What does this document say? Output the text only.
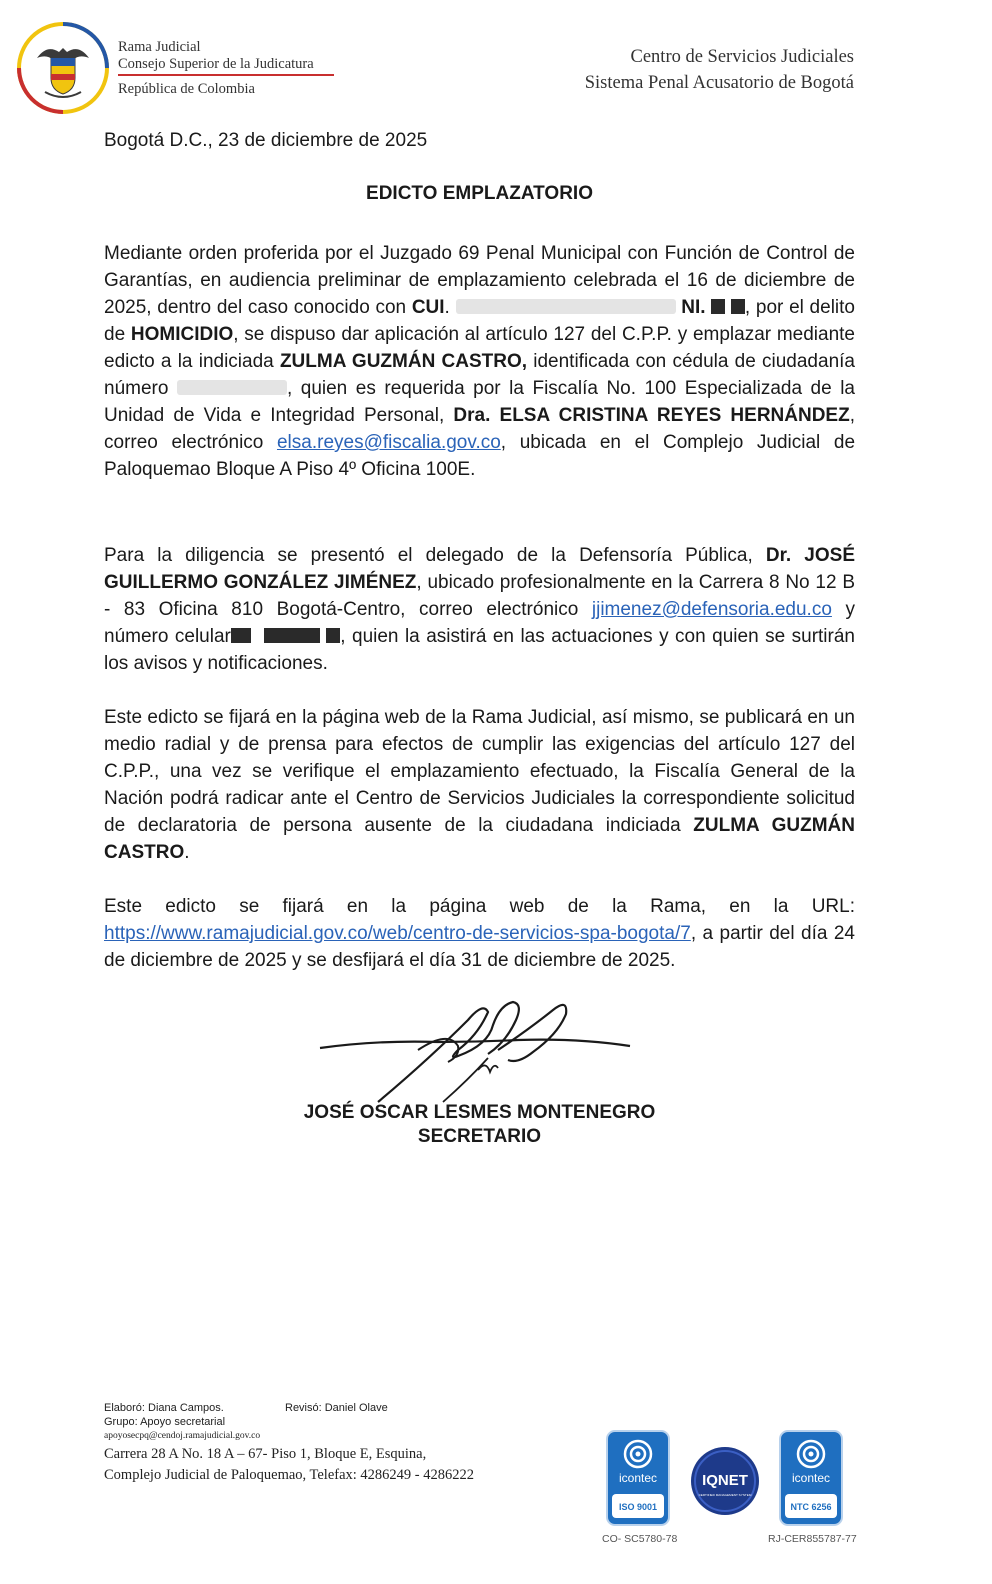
Rama Judicial
Consejo Superior de la Judicatura
República de Colombia
Centro de Servicios Judiciales
Sistema Penal Acusatorio de Bogotá
Bogotá D.C., 23 de diciembre de 2025
EDICTO EMPLAZATORIO

Mediante orden proferida por el Juzgado 69 Penal Municipal con Función de Control de Garantías, en audiencia preliminar de emplazamiento celebrada el 16 de diciembre de 2025, dentro del caso conocido con CUI.	NI. , por el delito de HOMICIDIO, se dispuso dar aplicación al artículo 127 del C.P.P. y emplazar mediante edicto a la indiciada ZULMA GUZMÁN CASTRO, identificada con cédula de ciudadanía número	, quien es requerida por la Fiscalía No. 100 Especializada de la Unidad de Vida e Integridad Personal, Dra. ELSA CRISTINA REYES HERNÁNDEZ, correo electrónico elsa.reyes@fiscalia.gov.co, ubicada en el Complejo Judicial de Paloquemao Bloque A Piso 4º Oficina 100E.

Para la diligencia se presentó el delegado de la Defensoría Pública, Dr. JOSÉ GUILLERMO GONZÁLEZ JIMÉNEZ, ubicado profesionalmente en la Carrera 8 No 12 B - 83 Oficina 810 Bogotá-Centro, correo electrónico jjimenez@defensoria.edu.co y número celular	, quien la asistirá en las actuaciones y con quien se surtirán los avisos y notificaciones.

Este edicto se fijará en la página web de la Rama Judicial, así mismo, se publicará en un medio radial y de prensa para efectos de cumplir las exigencias del artículo 127 del C.P.P., una vez se verifique el emplazamiento efectuado, la Fiscalía General de la Nación podrá radicar ante el Centro de Servicios Judiciales la correspondiente solicitud de declaratoria de persona ausente de la ciudadana indiciada ZULMA GUZMÁN CASTRO.

Este edicto se fijará en la página web de la Rama, en la URL: https://www.ramajudicial.gov.co/web/centro-de-servicios-spa-bogota/7, a partir del día 24 de diciembre de 2025 y se desfijará el día 31 de diciembre de 2025.

JOSÉ OSCAR LESMES MONTENEGRO
SECRETARIO
Elaboró: Diana Campos.	Revisó: Daniel Olave
Grupo: Apoyo secretarial
apoyosecpq@cendoj.ramajudicial.gov.co
Carrera 28 A No. 18 A – 67- Piso 1, Bloque E, Esquina,
Complejo Judicial de Paloquemao, Telefax: 4286249 - 4286222	icontec
ISO 9001
CO- SC5780-78
IQNET
CERTIFIED MANAGEMENT SYSTEM
icontec
NTC 6256
RJ-CER855787-77
